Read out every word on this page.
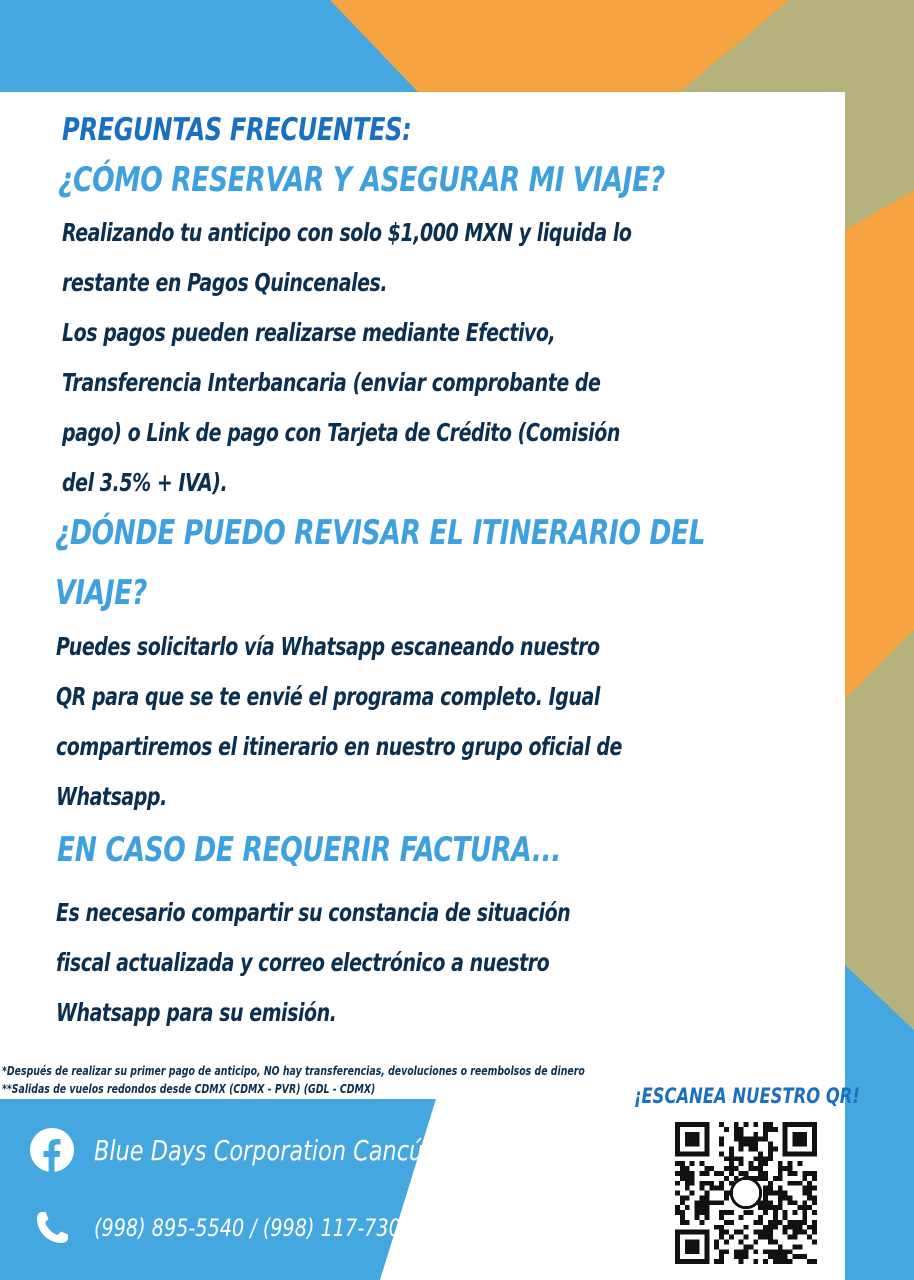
PREGUNTAS FRECUENTES:
¿CÓMO RESERVAR Y ASEGURAR MI VIAJE?

Realizando tu anticipo con solo $1,000 MXN y liquida lo
restante en Pagos Quincenales.
Los pagos pueden realizarse mediante Efectivo,
Transferencia Interbancaria (enviar comprobante de
pago) o Link de pago con Tarjeta de Crédito (Comisión
del 3.5% + IVA).

¿DÓNDE PUEDO REVISAR EL ITINERARIO DEL
VIAJE?

Puedes solicitarlo vía Whatsapp escaneando nuestro
QR para que se te envié el programa completo. Igual
compartiremos el itinerario en nuestro grupo oficial de
Whatsapp.

EN CASO DE REQUERIR FACTURA...

Es necesario compartir su constancia de situación
fiscal actualizada y correo electrónico a nuestro
Whatsapp para su emisión.

*Después de realizar su primer pago de anticipo, NO hay transferencias, devoluciones o reembolsos de dinero

**Salidas de vuelos redondos desde CDMX (CDMX - PVR) (GDL - CDMX)

Blue Days Corporation Cancún
(998) 895-5540 / (998) 117-7308

¡ESCANEA NUESTRO QR!
